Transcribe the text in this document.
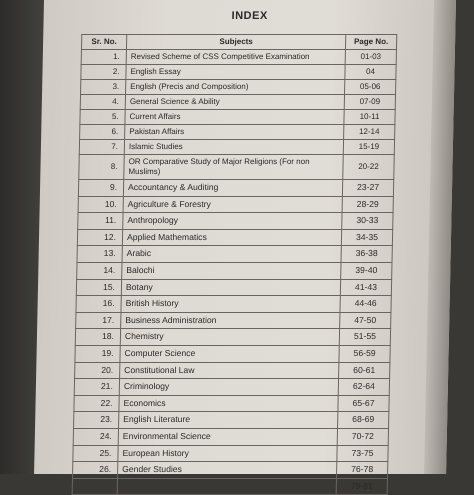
INDEX
Sr. No.	Subjects	Page No.
1.	Revised Scheme of CSS Competitive Examination	01-03
2.	English Essay	04
3.	English (Precis and Composition)	05-06
4.	General Science & Ability	07-09
5.	Current Affairs	10-11
6.	Pakistan Affairs	12-14
7.	Islamic Studies	15-19
8.	OR Comparative Study of Major Religions (For non Muslims)	20-22
9.	Accountancy & Auditing	23-27
10.	Agriculture & Forestry	28-29
11.	Anthropology	30-33
12.	Applied Mathematics	34-35
13.	Arabic	36-38
14.	Balochi	39-40
15.	Botany	41-43
16.	British History	44-46
17.	Business Administration	47-50
18.	Chemistry	51-55
19.	Computer Science	56-59
20.	Constitutional Law	60-61
21.	Criminology	62-64
22.	Economics	65-67
23.	English Literature	68-69
24.	Environmental Science	70-72
25.	European History	73-75
26.	Gender Studies	76-78
		79-81
